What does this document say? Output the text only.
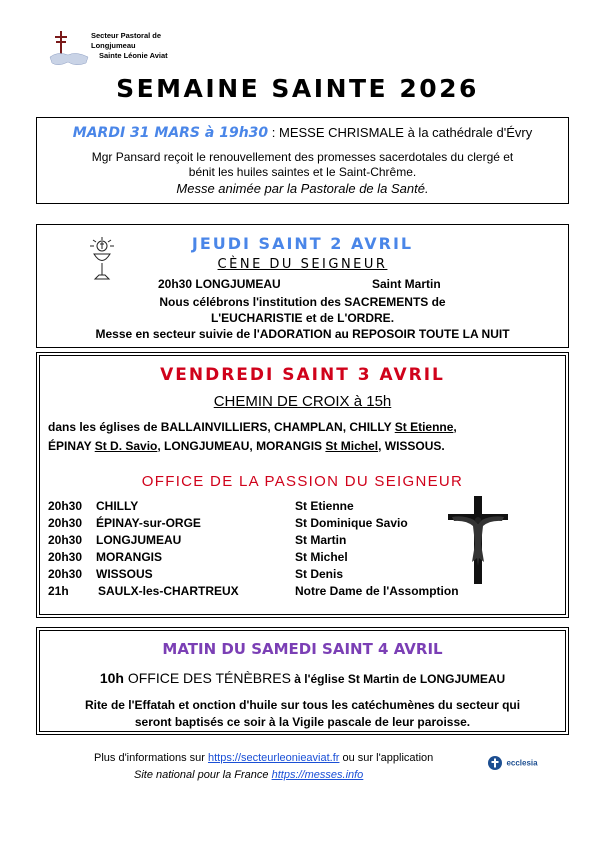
Secteur Pastoral de Longjumeau
Sainte Léonie Aviat
SEMAINE SAINTE 2026
MARDI 31 MARS à 19h30 : MESSE CHRISMALE à la cathédrale d'Évry
Mgr Pansard reçoit le renouvellement des promesses sacerdotales du clergé et
bénit les huiles saintes et le Saint-Chrême.
Messe animée par la Pastorale de la Santé.
JEUDI SAINT 2 AVRIL
CÈNE DU SEIGNEUR
20h30 LONGJUMEAU	Saint Martin
Nous célébrons l'institution des SACREMENTS de
L'EUCHARISTIE et de L'ORDRE.
Messe en secteur suivie de l'ADORATION au REPOSOIR TOUTE LA NUIT
VENDREDI SAINT 3 AVRIL
CHEMIN DE CROIX à 15h
dans les églises de BALLAINVILLIERS, CHAMPLAN, CHILLY St Etienne,
ÉPINAY St D. Savio, LONGJUMEAU, MORANGIS St Michel, WISSOUS.
OFFICE DE LA PASSION DU SEIGNEUR
20h30 CHILLY	St Etienne
20h30 ÉPINAY-sur-ORGE	St Dominique Savio
20h30 LONGJUMEAU	St Martin
20h30 MORANGIS	St Michel
20h30 WISSOUS	St Denis
21h SAULX-les-CHARTREUX	Notre Dame de l'Assomption
MATIN DU SAMEDI SAINT 4 AVRIL
10h OFFICE DES TÉNÈBRES à l'église St Martin de LONGJUMEAU
Rite de l'Effatah et onction d'huile sur tous les catéchumènes du secteur qui
seront baptisés ce soir à la Vigile pascale de leur paroisse.
Plus d'informations sur https://secteurleonieaviat.fr ou sur l'application
Site national pour la France https://messes.info
ecclesia
